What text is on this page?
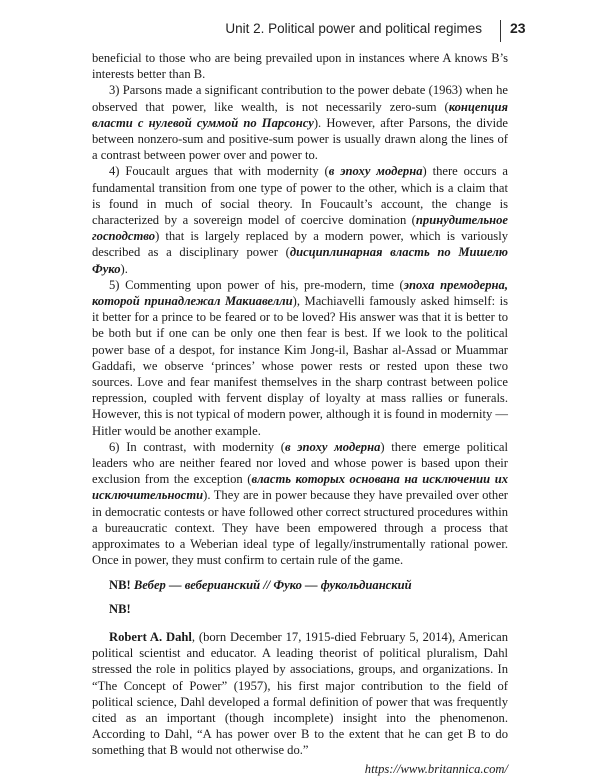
Unit 2. Political power and political regimes 23

beneficial to those who are being prevailed upon in instances where A knows B’s interests better than B.

3) Parsons made a significant contribution to the power debate (1963) when he observed that power, like wealth, is not necessarily zero-sum (концепция власти с нулевой суммой по Парсонсу). However, after Parsons, the divide between nonzero-sum and positive-sum power is usually drawn along the lines of a contrast between power over and power to.

4) Foucault argues that with modernity (в эпоху модерна) there occurs a fundamental transition from one type of power to the other, which is a claim that is found in much of social theory. In Foucault’s account, the change is characterized by a sovereign model of coercive domination (принудительное господство) that is largely replaced by a modern power, which is variously described as a disciplinary power (дисциплинарная власть по Мишелю Фуко).

5) Commenting upon power of his, pre-modern, time (эпоха премодерна, которой принадлежал Макиавелли), Machiavelli famously asked himself: is it better for a prince to be feared or to be loved? His answer was that it is better to be both but if one can be only one then fear is best. If we look to the political power base of a despot, for instance Kim Jong-il, Bashar al-Assad or Muammar Gaddafi, we observe ‘princes’ whose power rests or rested upon these two sources. Love and fear manifest themselves in the sharp contrast between police repression, coupled with fervent display of loyalty at mass rallies or funerals. However, this is not typical of modern power, although it is found in modernity — Hitler would be another example.

6) In contrast, with modernity (в эпоху модерна) there emerge political leaders who are neither feared nor loved and whose power is based upon their exclusion from the exception (власть которых основана на исключении их исключительности). They are in power because they have prevailed over other in democratic contests or have followed other correct structured procedures within a bureaucratic context. They have been empowered through a process that approximates to a Weberian ideal type of legally/instrumentally rational power. Once in power, they must confirm to certain rule of the game.

NB! Вебер — веберианский // Фуко — фукольдианский

NB!

Robert A. Dahl, (born December 17, 1915-died February 5, 2014), American political scientist and educator. A leading theorist of political pluralism, Dahl stressed the role in politics played by associations, groups, and organizations. In “The Concept of Power” (1957), his first major contribution to the field of political science, Dahl developed a formal definition of power that was frequently cited as an important (though incomplete) insight into the phenomenon. According to Dahl, “A has power over B to the extent that he can get B to do something that B would not otherwise do.”

https://www.britannica.com/
